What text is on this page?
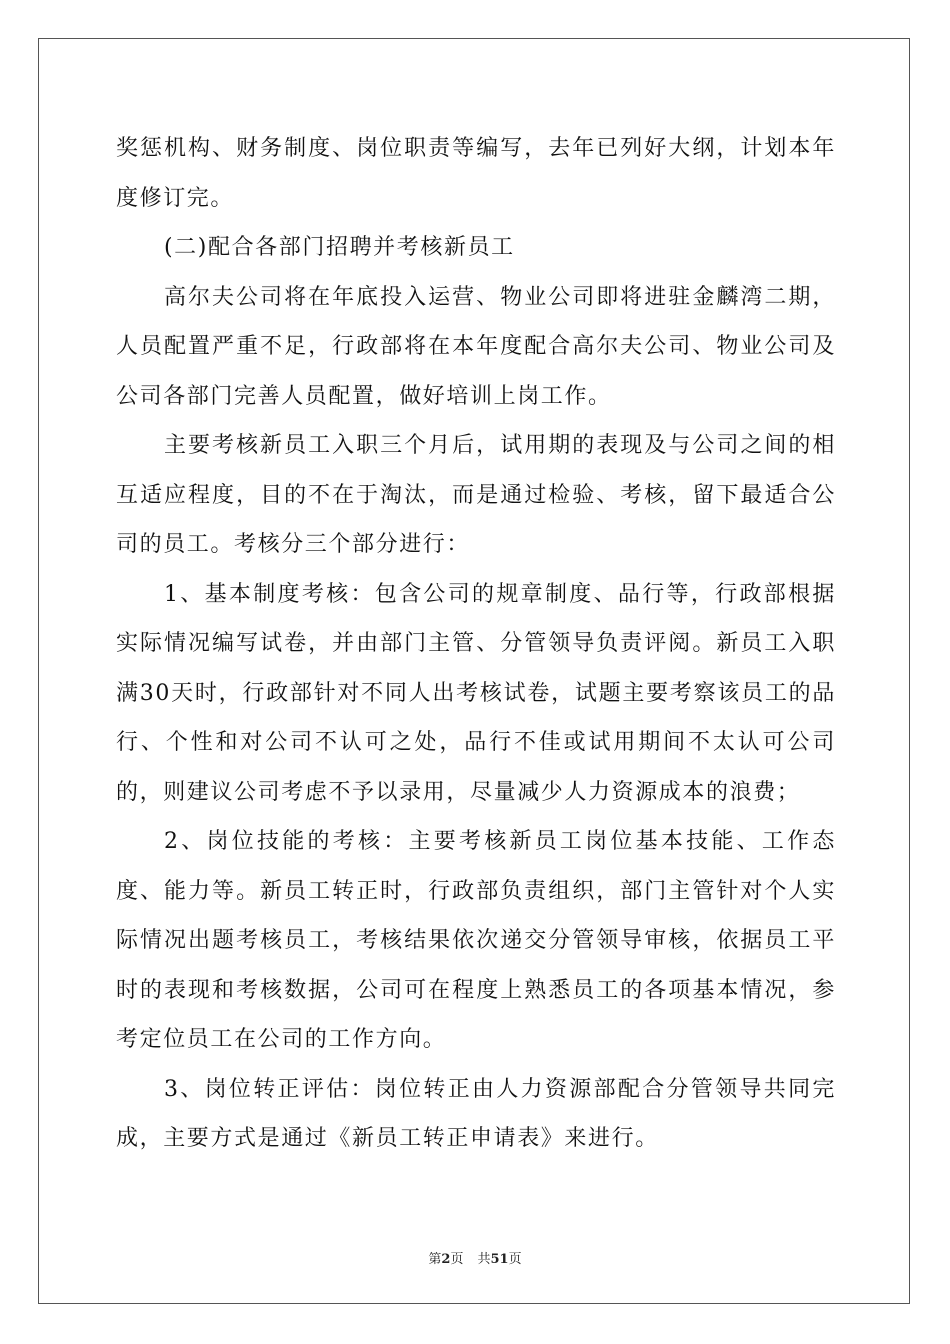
奖惩机构、财务制度、岗位职责等编写，去年已列好大纲，计划本年度修订完。

(二)配合各部门招聘并考核新员工

高尔夫公司将在年底投入运营、物业公司即将进驻金麟湾二期，人员配置严重不足，行政部将在本年度配合高尔夫公司、物业公司及公司各部门完善人员配置，做好培训上岗工作。

主要考核新员工入职三个月后，试用期的表现及与公司之间的相互适应程度，目的不在于淘汰，而是通过检验、考核，留下最适合公司的员工。考核分三个部分进行：

1、基本制度考核：包含公司的规章制度、品行等，行政部根据实际情况编写试卷，并由部门主管、分管领导负责评阅。新员工入职满30天时，行政部针对不同人出考核试卷，试题主要考察该员工的品行、个性和对公司不认可之处，品行不佳或试用期间不太认可公司的，则建议公司考虑不予以录用，尽量减少人力资源成本的浪费；

2、岗位技能的考核：主要考核新员工岗位基本技能、工作态度、能力等。新员工转正时，行政部负责组织，部门主管针对个人实际情况出题考核员工，考核结果依次递交分管领导审核，依据员工平时的表现和考核数据，公司可在程度上熟悉员工的各项基本情况，参考定位员工在公司的工作方向。

3、岗位转正评估：岗位转正由人力资源部配合分管领导共同完成，主要方式是通过《新员工转正申请表》来进行。

第2页 共51页
